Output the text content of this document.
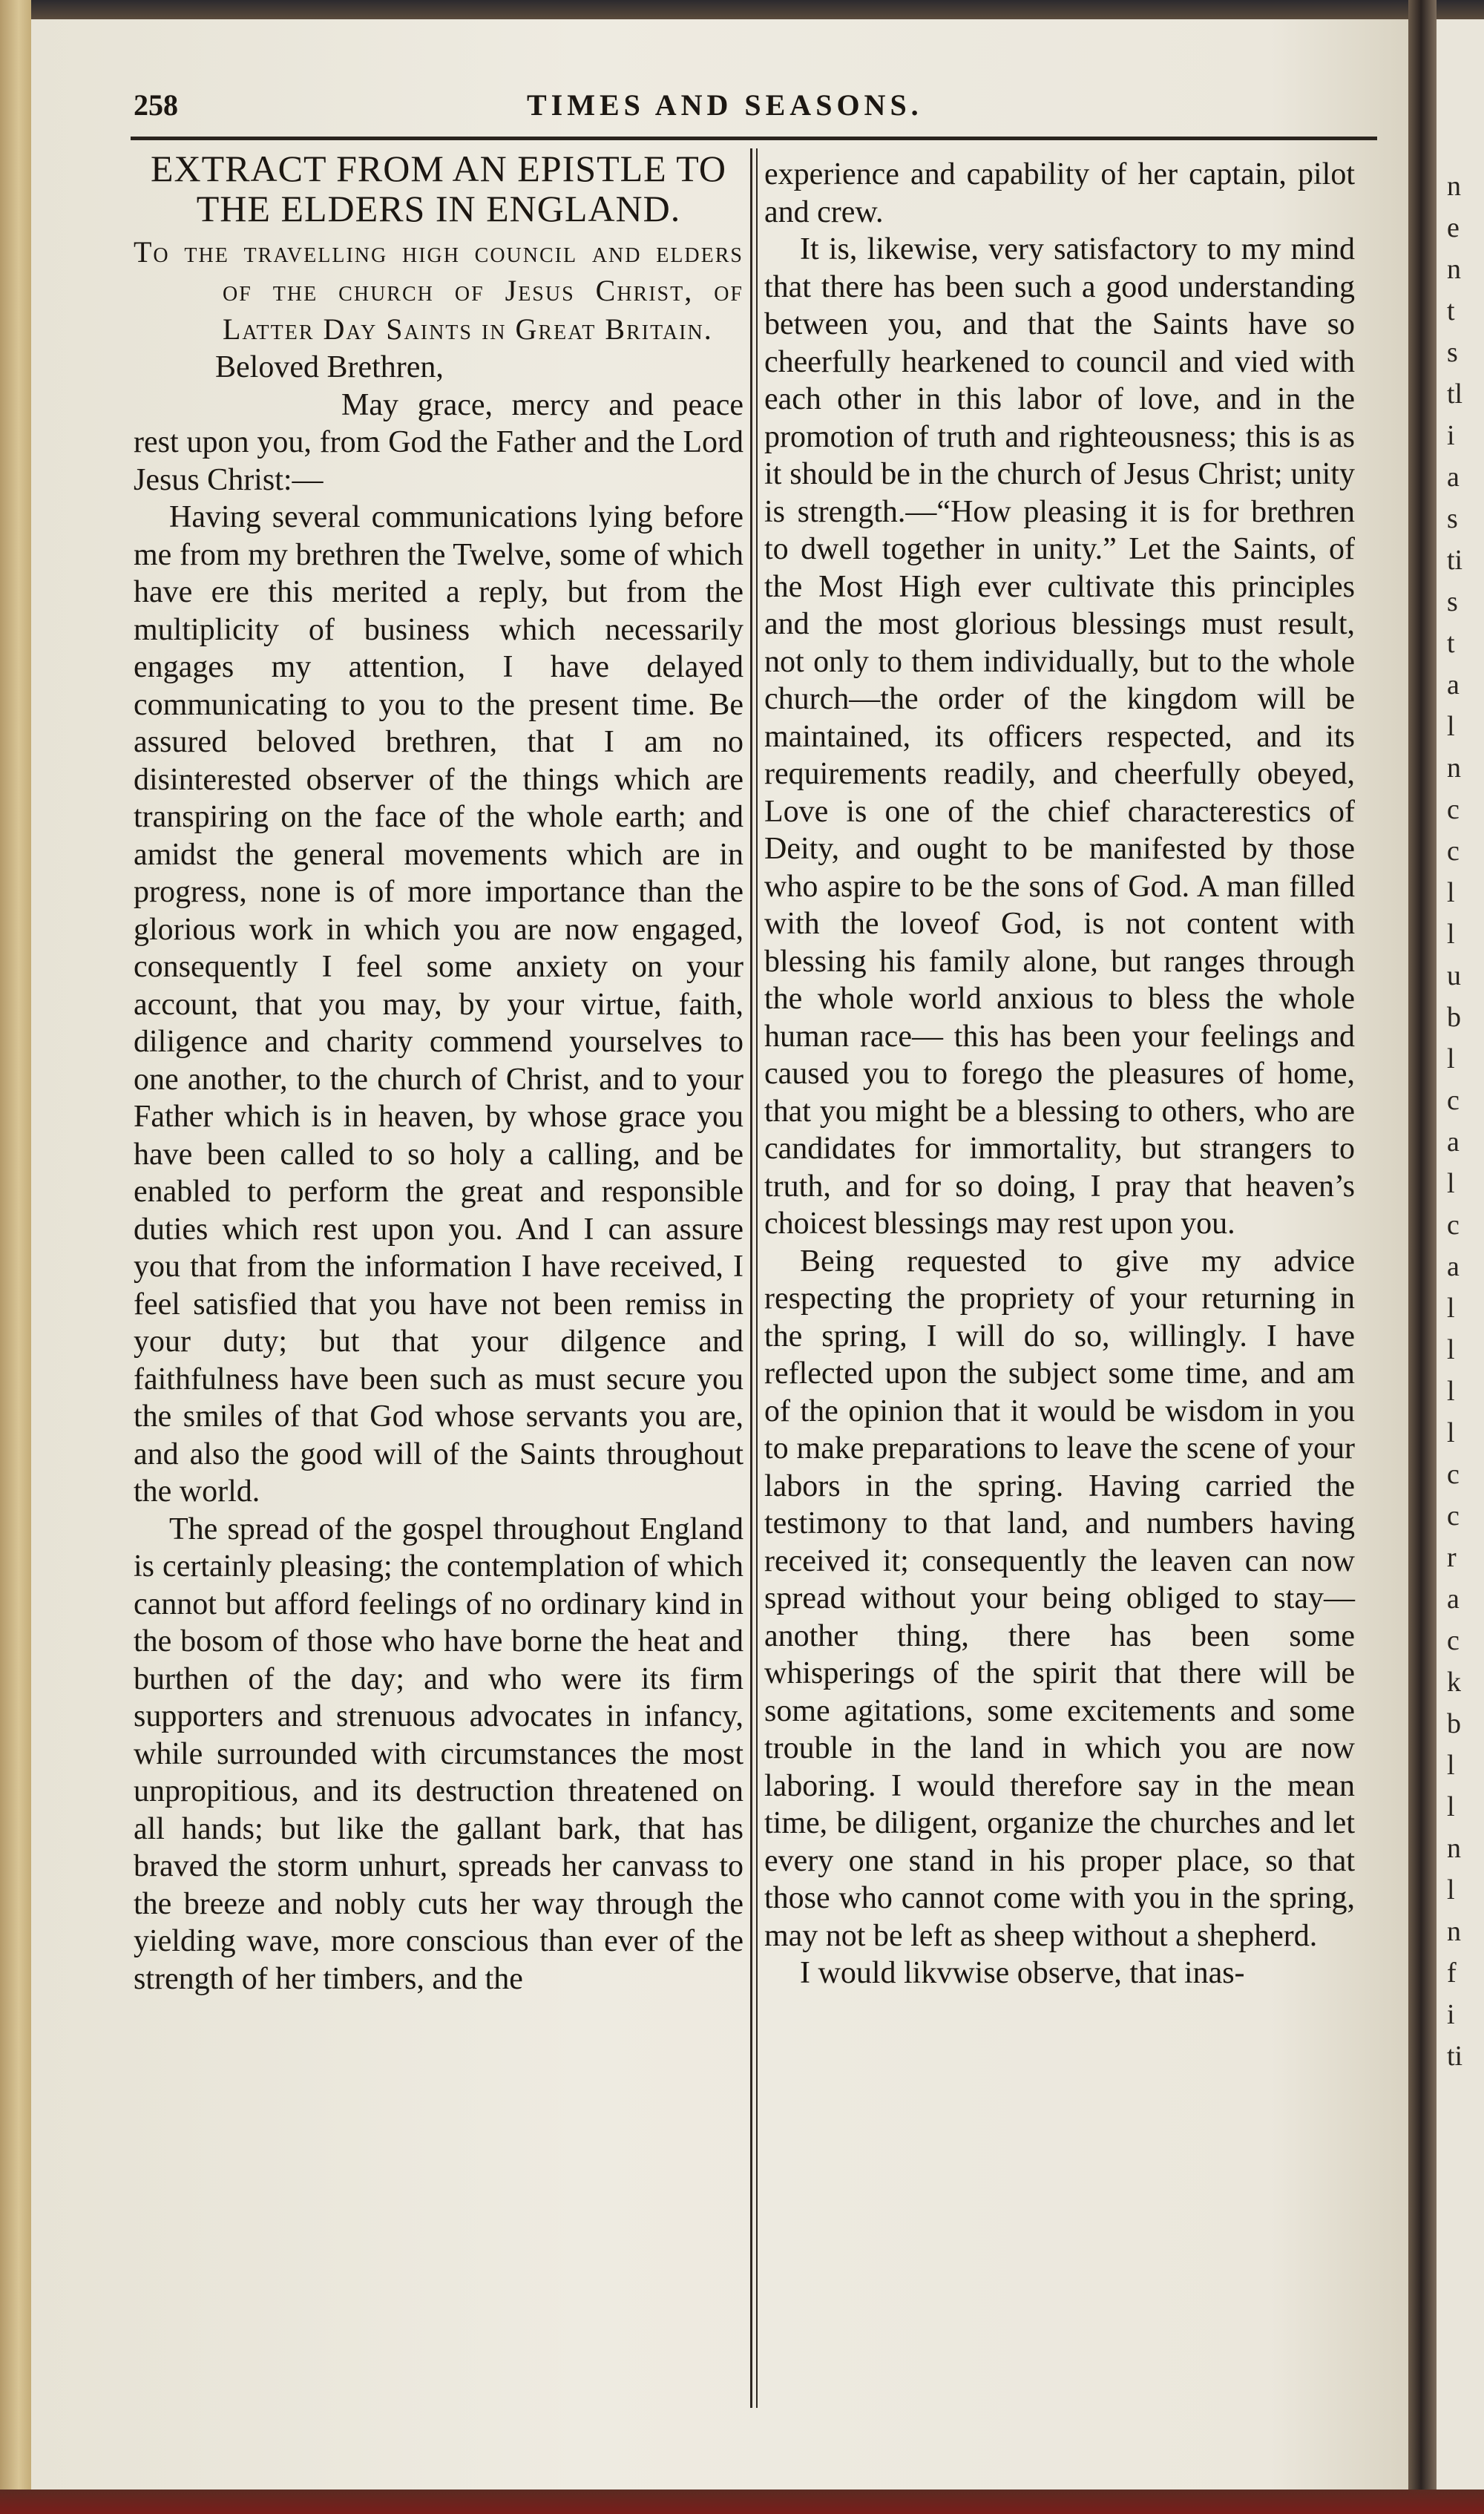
n
e
n
t
s
tl
i
a
s
ti
s
t
a
l
n
c
c
l
l
u
b
l
c
a
l
c
a
l
l
l
l
c
c
r
a
c
k
b
l
l
n
l
n
f
i
ti
258	TIMES AND SEASONS.
EXTRACT FROM AN EPISTLE TO THE ELDERS IN ENGLAND.

To the travelling high council and elders of the church of Jesus Christ, of Latter Day Saints in Great Britain.

Beloved Brethren,

May grace, mercy and peace rest upon you, from God the Father and the Lord Jesus Christ:—

Having several communications lying before me from my brethren the Twelve, some of which have ere this merited a reply, but from the multiplicity of business which necessarily engages my attention, I have delayed communicating to you to the present time. Be assured beloved brethren, that I am no disinterested observer of the things which are transpiring on the face of the whole earth; and amidst the general movements which are in progress, none is of more importance than the glorious work in which you are now engaged, consequently I feel some anxiety on your account, that you may, by your virtue, faith, diligence and charity commend yourselves to one another, to the church of Christ, and to your Father which is in heaven, by whose grace you have been called to so holy a calling, and be enabled to perform the great and responsible duties which rest upon you. And I can assure you that from the information I have received, I feel satisfied that you have not been remiss in your duty; but that your dilgence and faithfulness have been such as must secure you the smiles of that God whose servants you are, and also the good will of the Saints throughout the world.

The spread of the gospel throughout England is certainly pleasing; the contemplation of which cannot but afford feelings of no ordinary kind in the bosom of those who have borne the heat and burthen of the day; and who were its firm supporters and strenuous advocates in infancy, while surrounded with circumstances the most unpropitious, and its destruction threatened on all hands; but like the gallant bark, that has braved the storm unhurt, spreads her canvass to the breeze and nobly cuts her way through the yielding wave, more conscious than ever of the strength of her timbers, and the

experience and capability of her captain, pilot and crew.

It is, likewise, very satisfactory to my mind that there has been such a good understanding between you, and that the Saints have so cheerfully hearkened to council and vied with each other in this labor of love, and in the promotion of truth and righteousness; this is as it should be in the church of Jesus Christ; unity is strength.—“How pleasing it is for brethren to dwell together in unity.” Let the Saints, of the Most High ever cultivate this principles and the most glorious blessings must result, not only to them individually, but to the whole church—the order of the kingdom will be maintained, its officers respected, and its requirements readily, and cheerfully obeyed, Love is one of the chief characterestics of Deity, and ought to be manifested by those who aspire to be the sons of God. A man filled with the loveof God, is not content with blessing his family alone, but ranges through the whole world anxious to bless the whole human race— this has been your feelings and caused you to forego the pleasures of home, that you might be a blessing to others, who are candidates for immortality, but strangers to truth, and for so doing, I pray that heaven’s choicest blessings may rest upon you.

Being requested to give my advice respecting the propriety of your returning in the spring, I will do so, willingly. I have reflected upon the subject some time, and am of the opinion that it would be wisdom in you to make preparations to leave the scene of your labors in the spring. Having carried the testimony to that land, and numbers having received it; consequently the leaven can now spread without your being obliged to stay—another thing, there has been some whisperings of the spirit that there will be some agitations, some excitements and some trouble in the land in which you are now laboring. I would therefore say in the mean time, be diligent, organize the churches and let every one stand in his proper place, so that those who cannot come with you in the spring, may not be left as sheep without a shepherd.

I would likvwise observe, that inas-
